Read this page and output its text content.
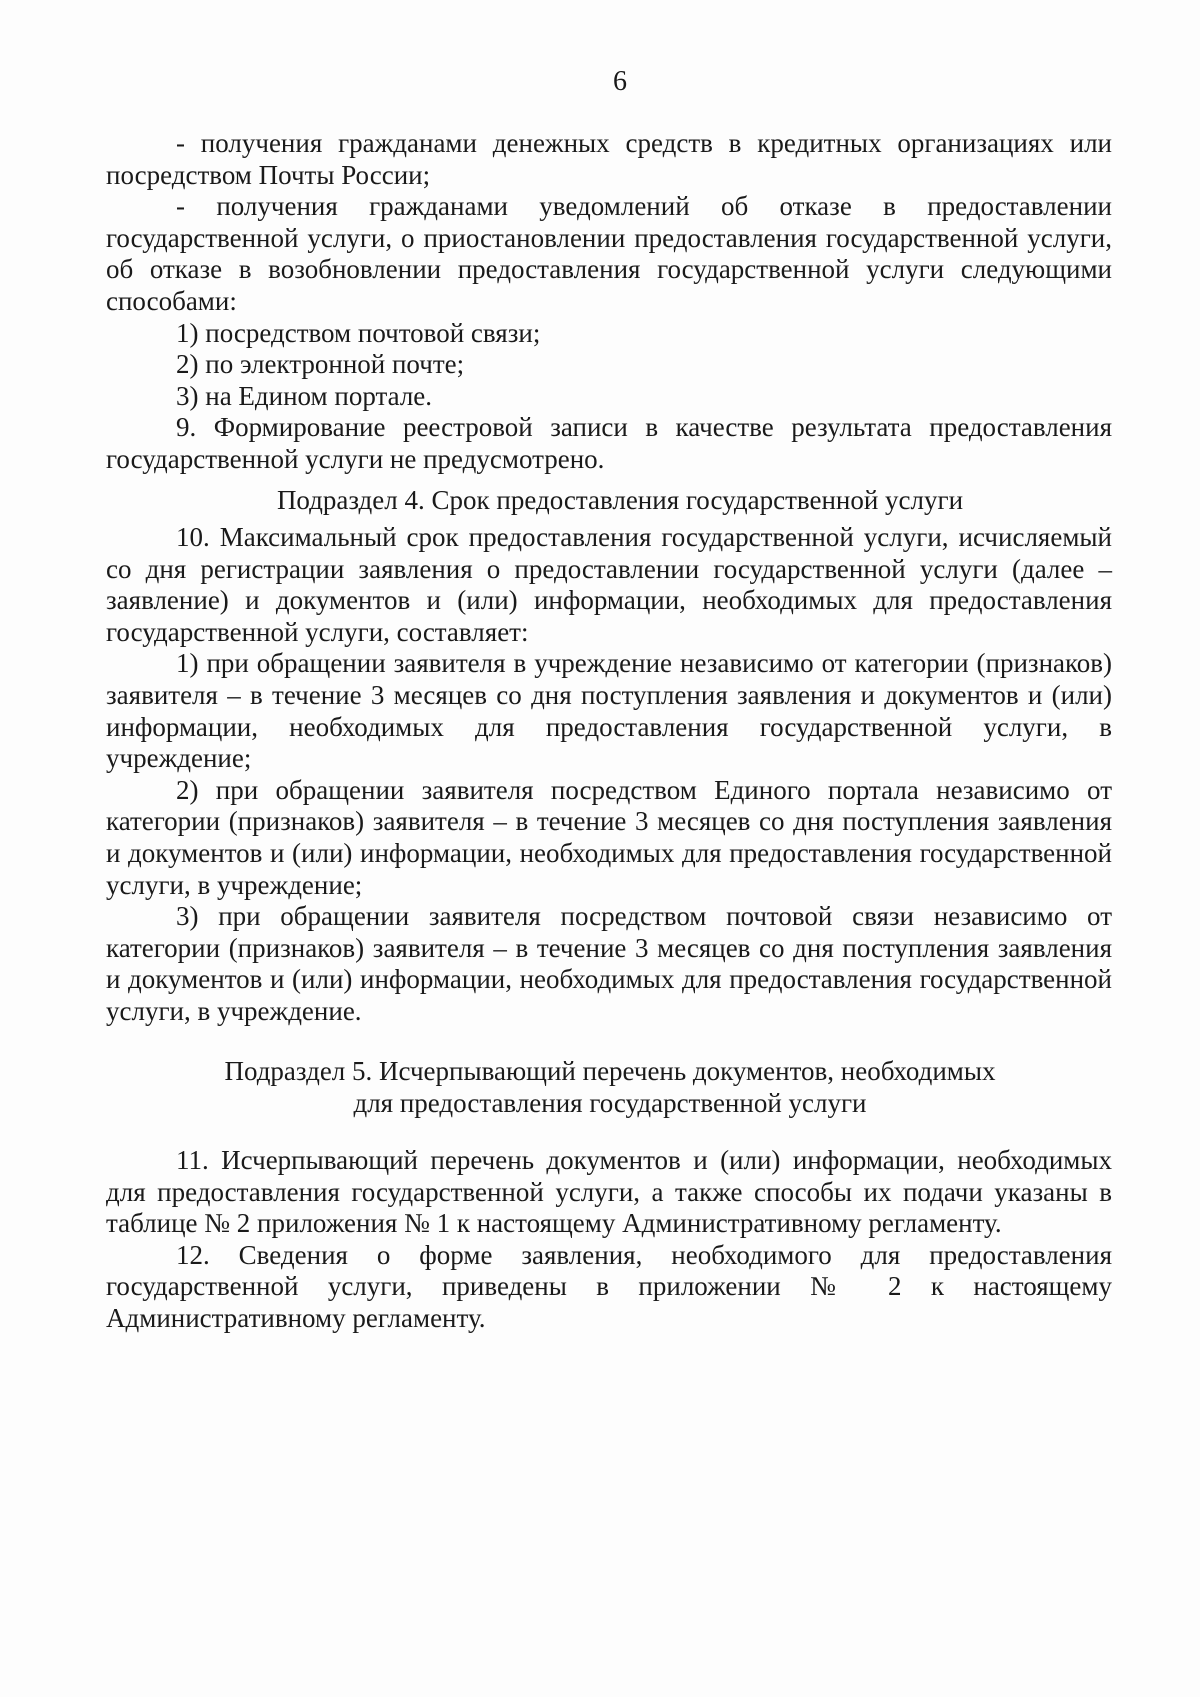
6

- получения гражданами денежных средств в кредитных организациях или посредством Почты России;

- получения гражданами уведомлений об отказе в предоставлении государственной услуги, о приостановлении предоставления государственной услуги, об отказе в возобновлении предоставления государственной услуги следующими способами:

1) посредством почтовой связи;

2) по электронной почте;

3) на Едином портале.

9. Формирование реестровой записи в качестве результата предоставления государственной услуги не предусмотрено.

Подраздел 4. Срок предоставления государственной услуги

10. Максимальный срок предоставления государственной услуги, исчисляемый со дня регистрации заявления о предоставлении государственной услуги (далее – заявление) и документов и (или) информации, необходимых для предоставления государственной услуги, составляет:

1) при обращении заявителя в учреждение независимо от категории (признаков) заявителя – в течение 3 месяцев со дня поступления заявления и документов и (или) информации, необходимых для предоставления государственной услуги, в учреждение;

2) при обращении заявителя посредством Единого портала независимо от категории (признаков) заявителя – в течение 3 месяцев со дня поступления заявления и документов и (или) информации, необходимых для предоставления государственной услуги, в учреждение;

3) при обращении заявителя посредством почтовой связи независимо от категории (признаков) заявителя – в течение 3 месяцев со дня поступления заявления и документов и (или) информации, необходимых для предоставления государственной услуги, в учреждение.

Подраздел 5. Исчерпывающий перечень документов, необходимых

для предоставления государственной услуги

11. Исчерпывающий перечень документов и (или) информации, необходимых для предоставления государственной услуги, а также способы их подачи указаны в таблице № 2 приложения № 1 к настоящему Административному регламенту.

12. Сведения о форме заявления, необходимого для предоставления государственной услуги, приведены в приложении № 2 к настоящему Административному регламенту.
